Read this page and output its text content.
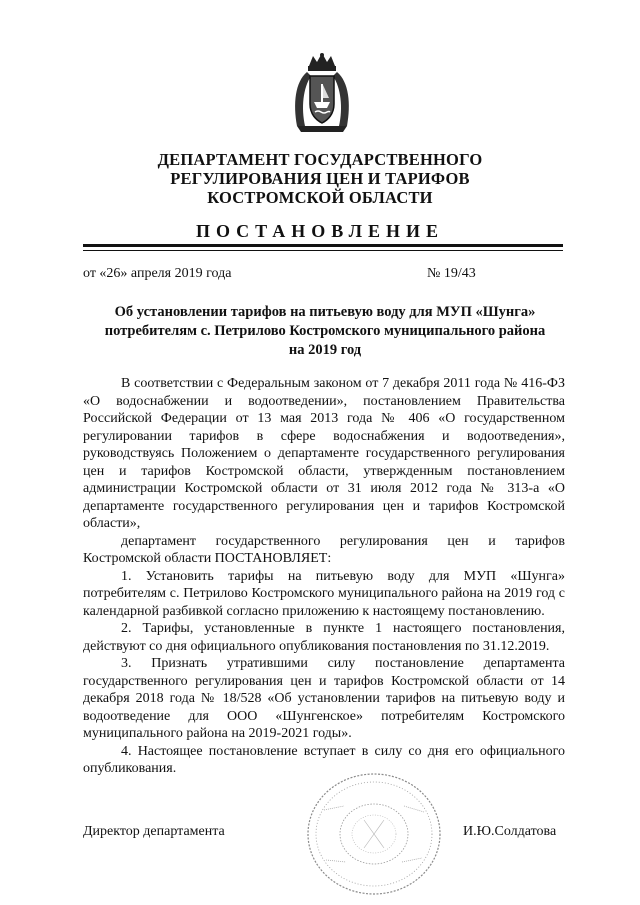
ДЕПАРТАМЕНТ ГОСУДАРСТВЕННОГО
РЕГУЛИРОВАНИЯ ЦЕН И ТАРИФОВ
КОСТРОМСКОЙ ОБЛАСТИ
ПОСТАНОВЛЕНИЕ
от «26» апреля 2019 года	№ 19/43
Об установлении тарифов на питьевую воду для МУП «Шунга»
потребителям с. Петрилово Костромского муниципального района
на 2019 год

В соответствии с Федеральным законом от 7 декабря 2011 года № 416-ФЗ «О водоснабжении и водоотведении», постановлением Правительства Российской Федерации от 13 мая 2013 года № 406 «О государственном регулировании тарифов в сфере водоснабжения и водоотведения», руководствуясь Положением о департаменте государственного регулирования цен и тарифов Костромской области, утвержденным постановлением администрации Костромской области от 31 июля 2012 года № 313-а «О департаменте государственного регулирования цен и тарифов Костромской области»,

департамент государственного регулирования цен и тарифов Костромской области ПОСТАНОВЛЯЕТ:

1. Установить тарифы на питьевую воду для МУП «Шунга» потребителям с. Петрилово Костромского муниципального района на 2019 год с календарной разбивкой согласно приложению к настоящему постановлению.

2. Тарифы, установленные в пункте 1 настоящего постановления, действуют со дня официального опубликования постановления по 31.12.2019.

3. Признать утратившими силу постановление департамента государственного регулирования цен и тарифов Костромской области от 14 декабря 2018 года № 18/528 «Об установлении тарифов на питьевую воду и водоотведение для ООО «Шунгенское» потребителям Костромского муниципального района на 2019-2021 годы».

4. Настоящее постановление вступает в силу со дня его официального опубликования.

Директор департамента	И.Ю.Солдатова
